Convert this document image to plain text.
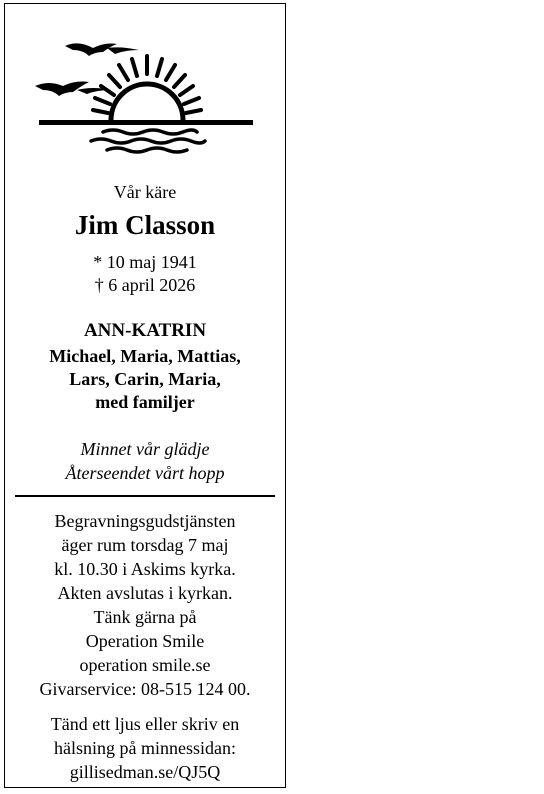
Vår käre
Jim Classon
* 10 maj 1941
† 6 april 2026
ANN-KATRIN
Michael, Maria, Mattias,
Lars, Carin, Maria,
med familjer
Minnet vår glädje
Återseendet vårt hopp
Begravningsgudstjänsten
äger rum torsdag 7 maj
kl. 10.30 i Askims kyrka.
Akten avslutas i kyrkan.
Tänk gärna på
Operation Smile
operation smile.se
Givarservice: 08-515 124 00.
Tänd ett ljus eller skriv en
hälsning på minnessidan:
gillisedman.se/QJ5Q
